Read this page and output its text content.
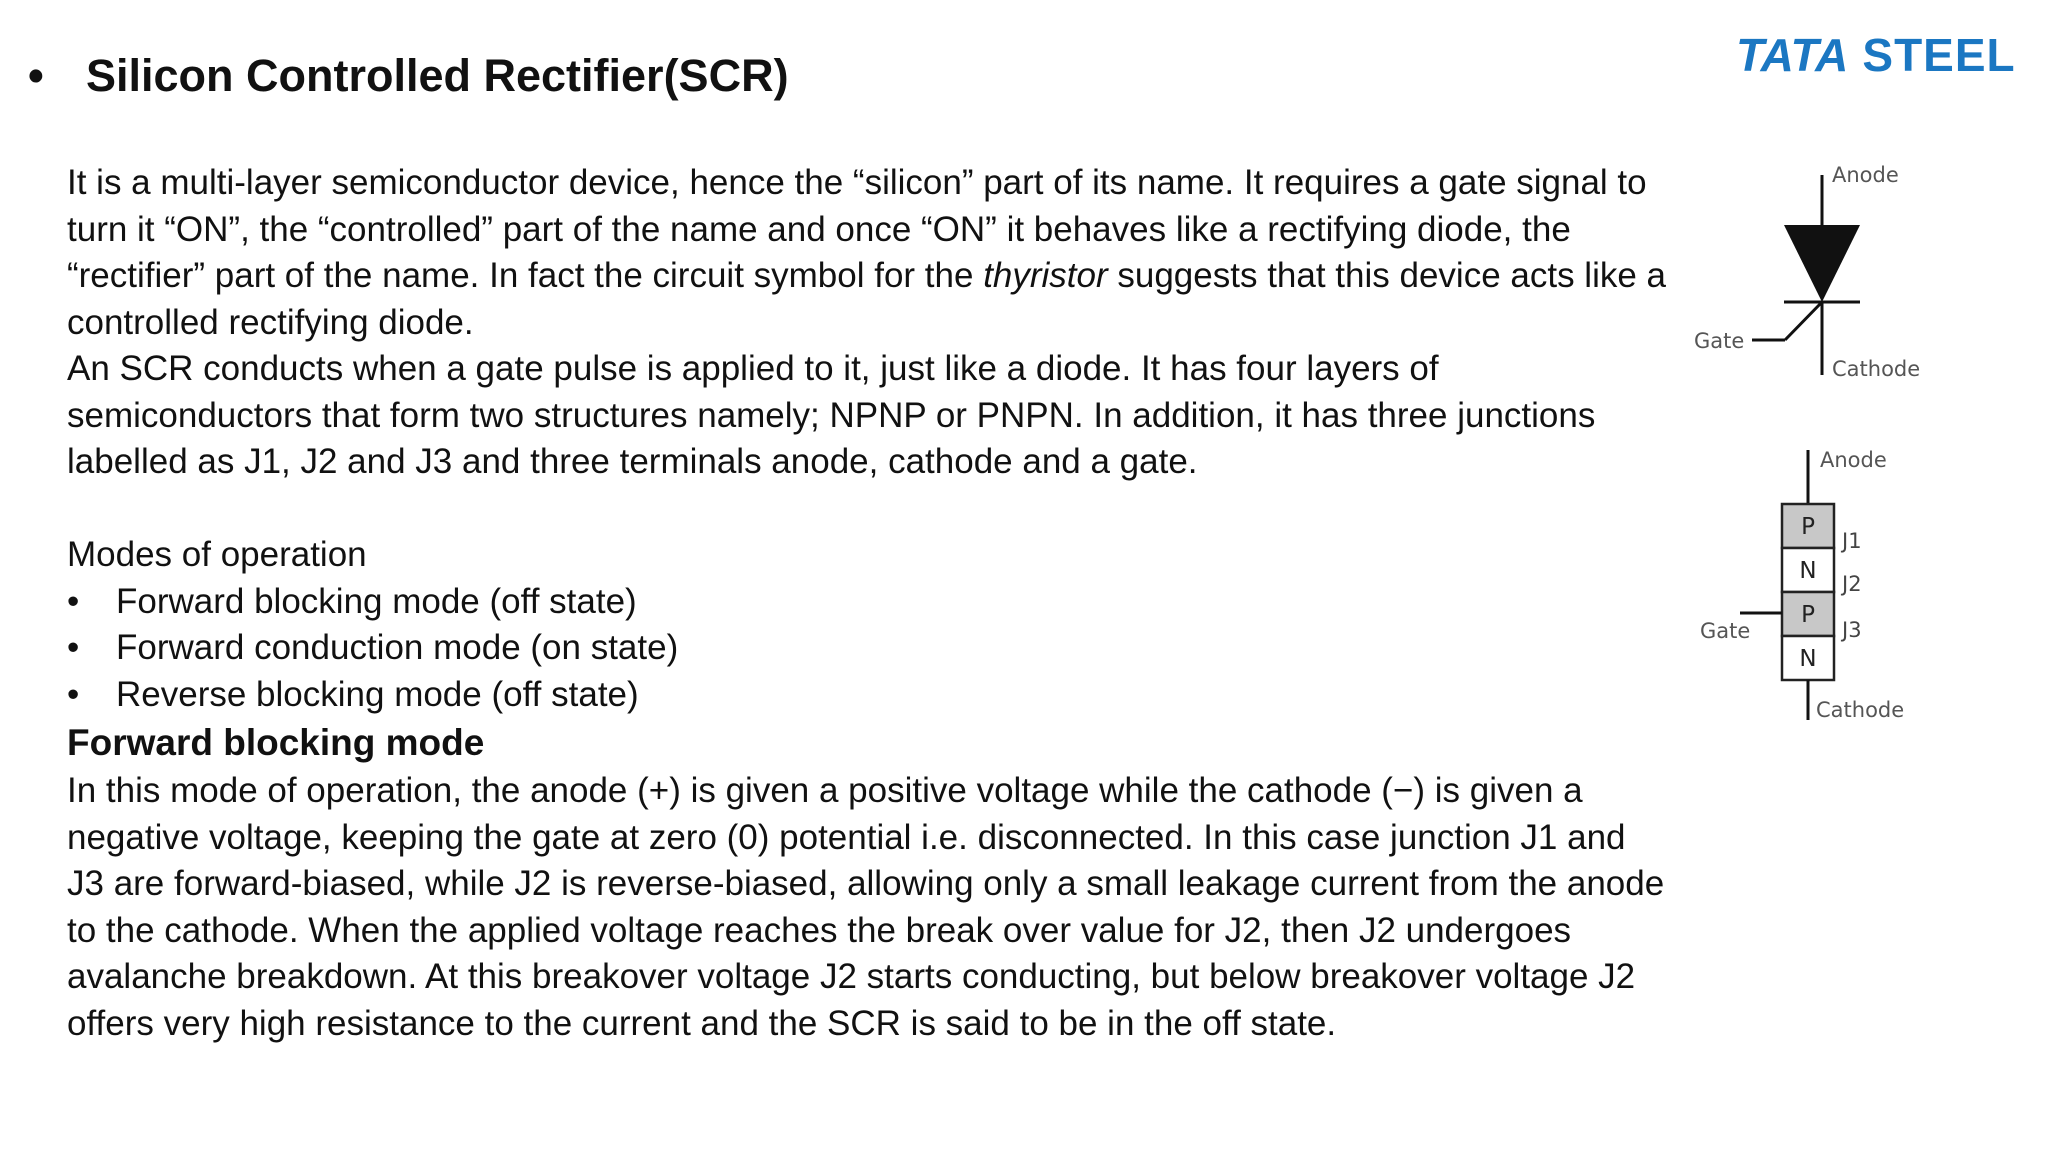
• Silicon Controlled Rectifier(SCR)	TATA STEEL

It is a multi-layer semiconductor device, hence the “silicon” part of its name. It requires a gate signal to turn it “ON”, the “controlled” part of the name and once “ON” it behaves like a rectifying diode, the “rectifier” part of the name. In fact the circuit symbol for the thyristor suggests that this device acts like a controlled rectifying diode.

An SCR conducts when a gate pulse is applied to it, just like a diode. It has four layers of semiconductors that form two structures namely; NPNP or PNPN. In addition, it has three junctions labelled as J1, J2 and J3 and three terminals anode, cathode and a gate.

Modes of operation

• Forward blocking mode (off state)
• Forward conduction mode (on state)
• Reverse blocking mode (off state)

Forward blocking mode

In this mode of operation, the anode (+) is given a positive voltage while the cathode (−) is given a negative voltage, keeping the gate at zero (0) potential i.e. disconnected. In this case junction J1 and J3 are forward-biased, while J2 is reverse-biased, allowing only a small leakage current from the anode to the cathode. When the applied voltage reaches the break over value for J2, then J2 undergoes avalanche breakdown. At this breakover voltage J2 starts conducting, but below breakover voltage J2 offers very high resistance to the current and the SCR is said to be in the off state.

Anode
Gate
Cathode
P
N
P
N
J1
J2
J3
Anode
Gate
Cathode
